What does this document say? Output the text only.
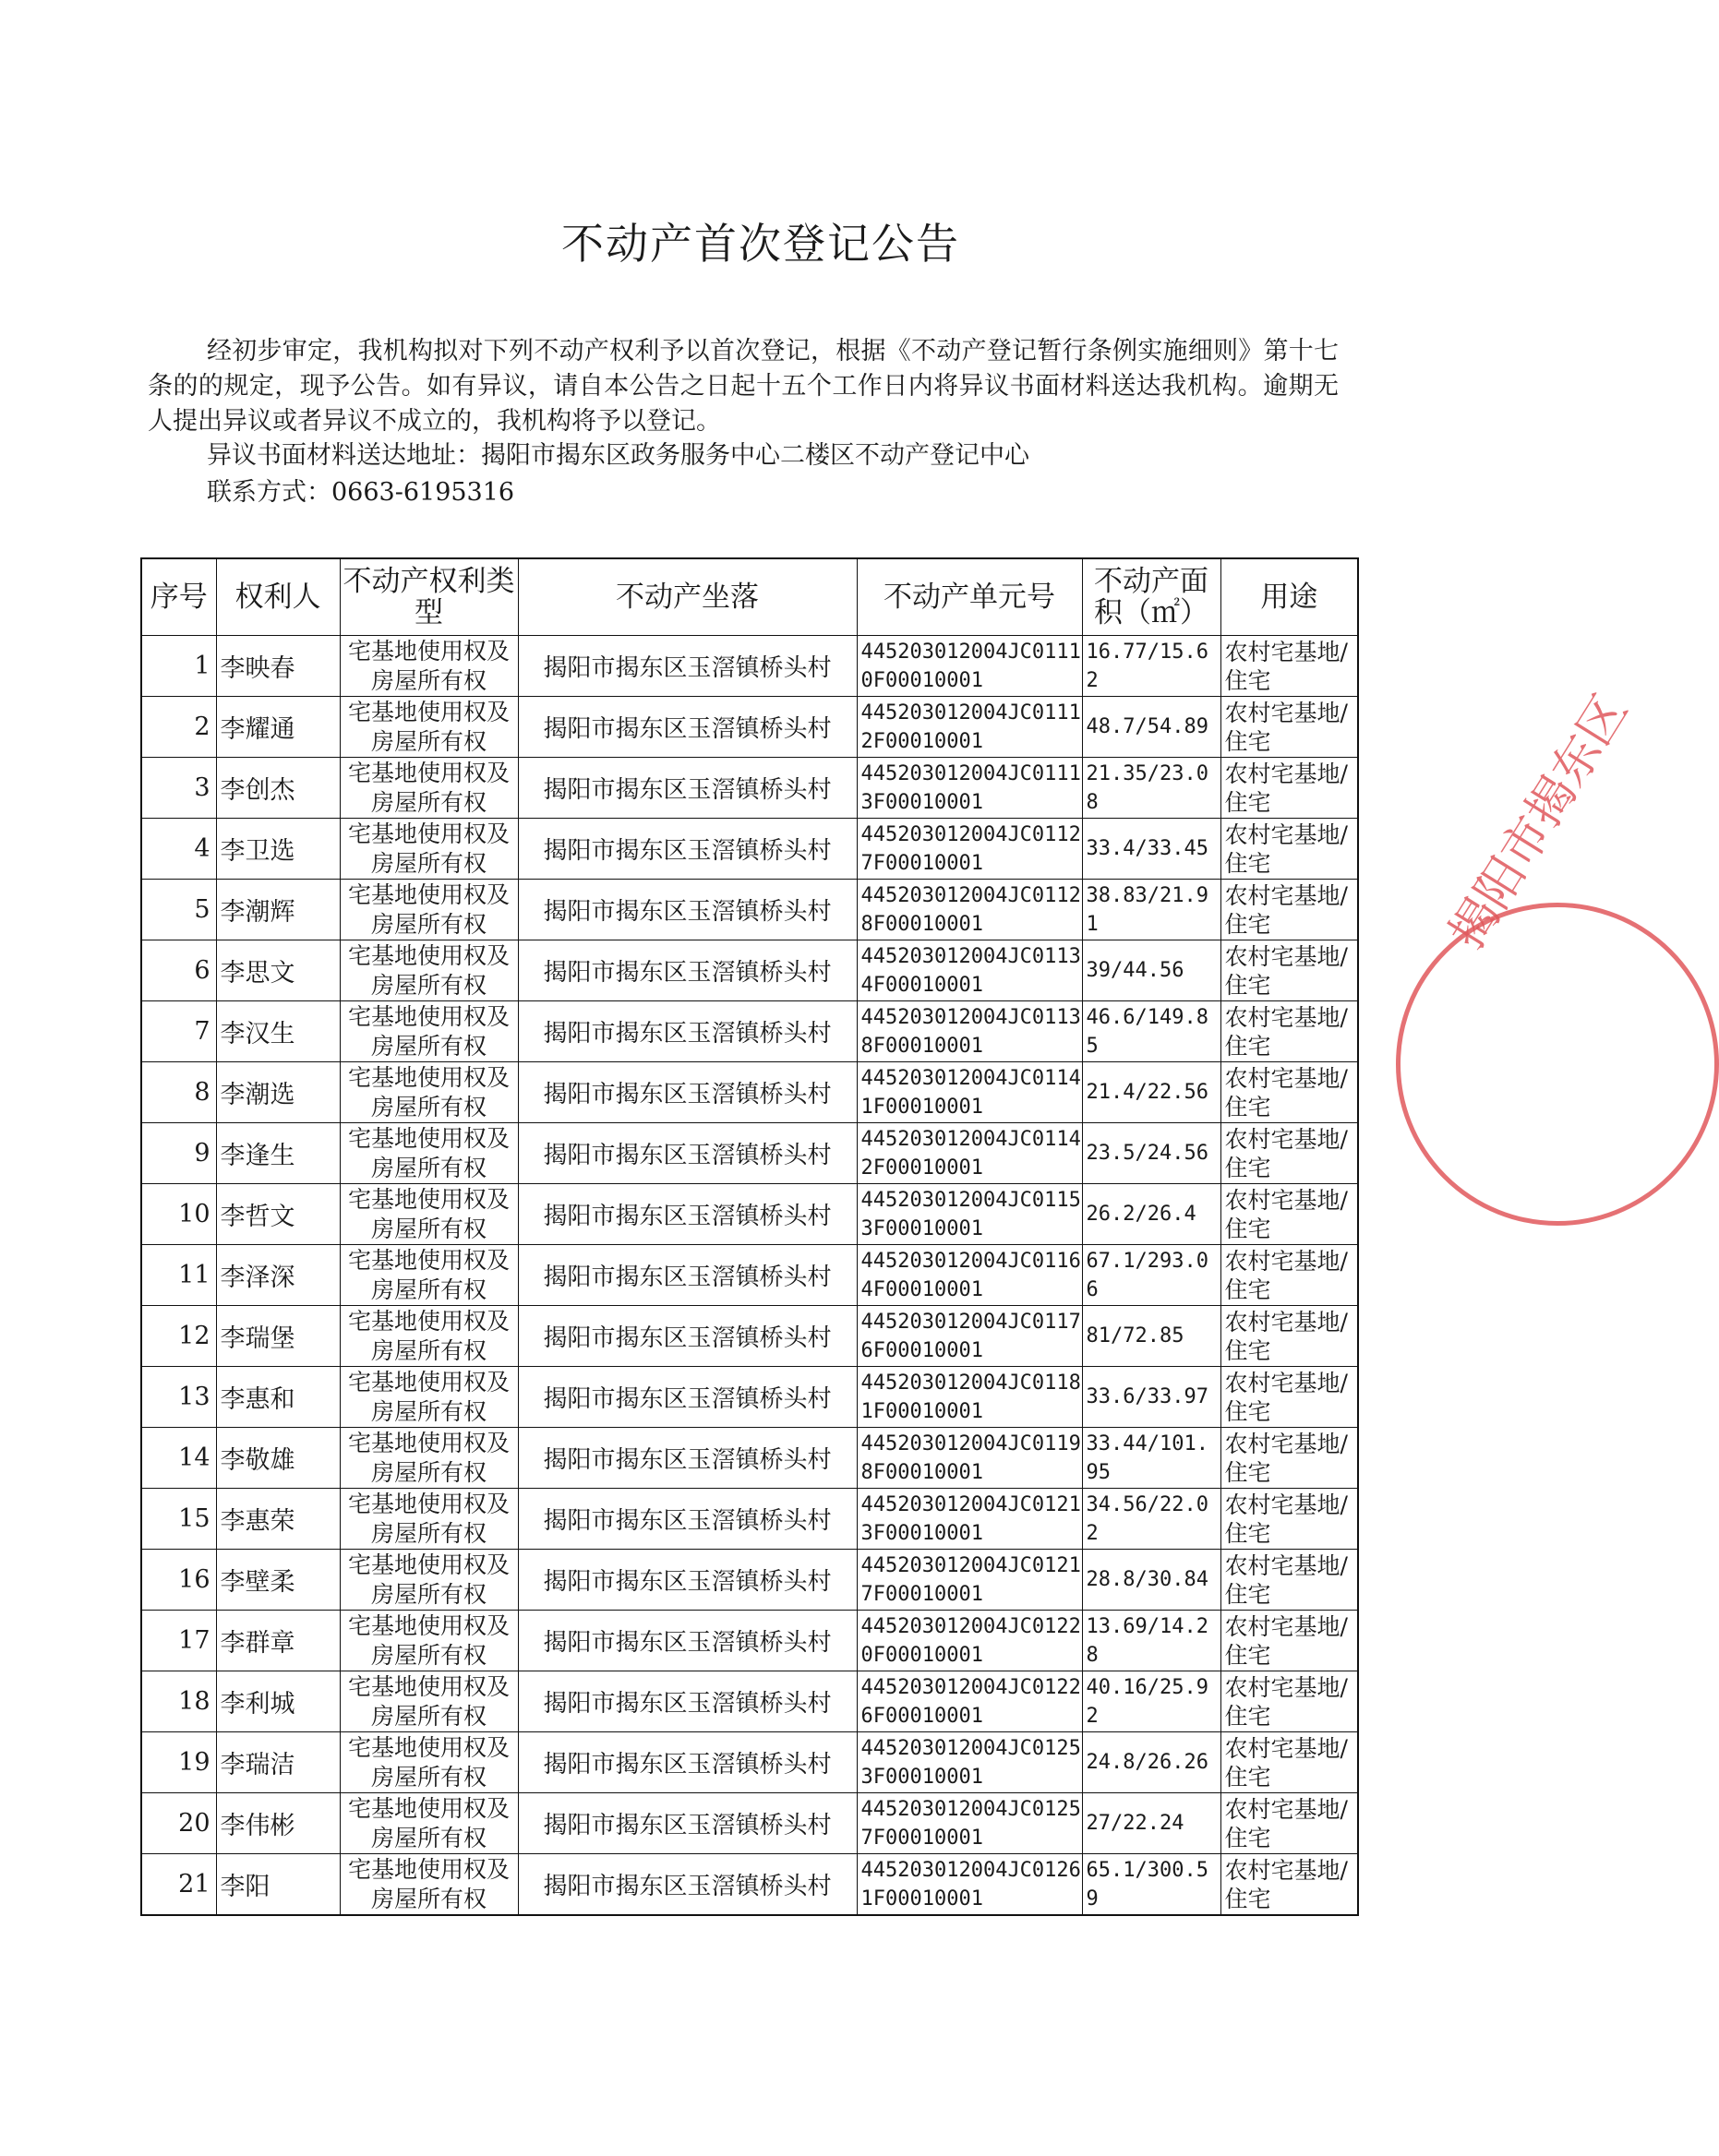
不动产首次登记公告
经初步审定，我机构拟对下列不动产权利予以首次登记，根据《不动产登记暂行条例实施细则》第十七条的的规定，现予公告。如有异议，请自本公告之日起十五个工作日内将异议书面材料送达我机构。逾期无人提出异议或者异议不成立的，我机构将予以登记。
异议书面材料送达地址：揭阳市揭东区政务服务中心二楼区不动产登记中心
联系方式：0663-6195316
序号	权利人	不动产权利类型	不动产坐落	不动产单元号	不动产面积（㎡）	用途
1	李映春	宅基地使用权及房屋所有权	揭阳市揭东区玉滘镇桥头村	445203012004JC01110F00010001	16.77/15.62	农村宅基地/住宅
2	李耀通	宅基地使用权及房屋所有权	揭阳市揭东区玉滘镇桥头村	445203012004JC01112F00010001	48.7/54.89	农村宅基地/住宅
3	李创杰	宅基地使用权及房屋所有权	揭阳市揭东区玉滘镇桥头村	445203012004JC01113F00010001	21.35/23.08	农村宅基地/住宅
4	李卫选	宅基地使用权及房屋所有权	揭阳市揭东区玉滘镇桥头村	445203012004JC01127F00010001	33.4/33.45	农村宅基地/住宅
5	李潮辉	宅基地使用权及房屋所有权	揭阳市揭东区玉滘镇桥头村	445203012004JC01128F00010001	38.83/21.91	农村宅基地/住宅
6	李思文	宅基地使用权及房屋所有权	揭阳市揭东区玉滘镇桥头村	445203012004JC01134F00010001	39/44.56	农村宅基地/住宅
7	李汉生	宅基地使用权及房屋所有权	揭阳市揭东区玉滘镇桥头村	445203012004JC01138F00010001	46.6/149.85	农村宅基地/住宅
8	李潮选	宅基地使用权及房屋所有权	揭阳市揭东区玉滘镇桥头村	445203012004JC01141F00010001	21.4/22.56	农村宅基地/住宅
9	李逢生	宅基地使用权及房屋所有权	揭阳市揭东区玉滘镇桥头村	445203012004JC01142F00010001	23.5/24.56	农村宅基地/住宅
10	李哲文	宅基地使用权及房屋所有权	揭阳市揭东区玉滘镇桥头村	445203012004JC01153F00010001	26.2/26.4	农村宅基地/住宅
11	李泽深	宅基地使用权及房屋所有权	揭阳市揭东区玉滘镇桥头村	445203012004JC01164F00010001	67.1/293.06	农村宅基地/住宅
12	李瑞堡	宅基地使用权及房屋所有权	揭阳市揭东区玉滘镇桥头村	445203012004JC01176F00010001	81/72.85	农村宅基地/住宅
13	李惠和	宅基地使用权及房屋所有权	揭阳市揭东区玉滘镇桥头村	445203012004JC01181F00010001	33.6/33.97	农村宅基地/住宅
14	李敬雄	宅基地使用权及房屋所有权	揭阳市揭东区玉滘镇桥头村	445203012004JC01198F00010001	33.44/101.95	农村宅基地/住宅
15	李惠荣	宅基地使用权及房屋所有权	揭阳市揭东区玉滘镇桥头村	445203012004JC01213F00010001	34.56/22.02	农村宅基地/住宅
16	李壁柔	宅基地使用权及房屋所有权	揭阳市揭东区玉滘镇桥头村	445203012004JC01217F00010001	28.8/30.84	农村宅基地/住宅
17	李群章	宅基地使用权及房屋所有权	揭阳市揭东区玉滘镇桥头村	445203012004JC01220F00010001	13.69/14.28	农村宅基地/住宅
18	李利城	宅基地使用权及房屋所有权	揭阳市揭东区玉滘镇桥头村	445203012004JC01226F00010001	40.16/25.92	农村宅基地/住宅
19	李瑞洁	宅基地使用权及房屋所有权	揭阳市揭东区玉滘镇桥头村	445203012004JC01253F00010001	24.8/26.26	农村宅基地/住宅
20	李伟彬	宅基地使用权及房屋所有权	揭阳市揭东区玉滘镇桥头村	445203012004JC01257F00010001	27/22.24	农村宅基地/住宅
21	李阳	宅基地使用权及房屋所有权	揭阳市揭东区玉滘镇桥头村	445203012004JC01261F00010001	65.1/300.59	农村宅基地/住宅
揭阳市揭东区
